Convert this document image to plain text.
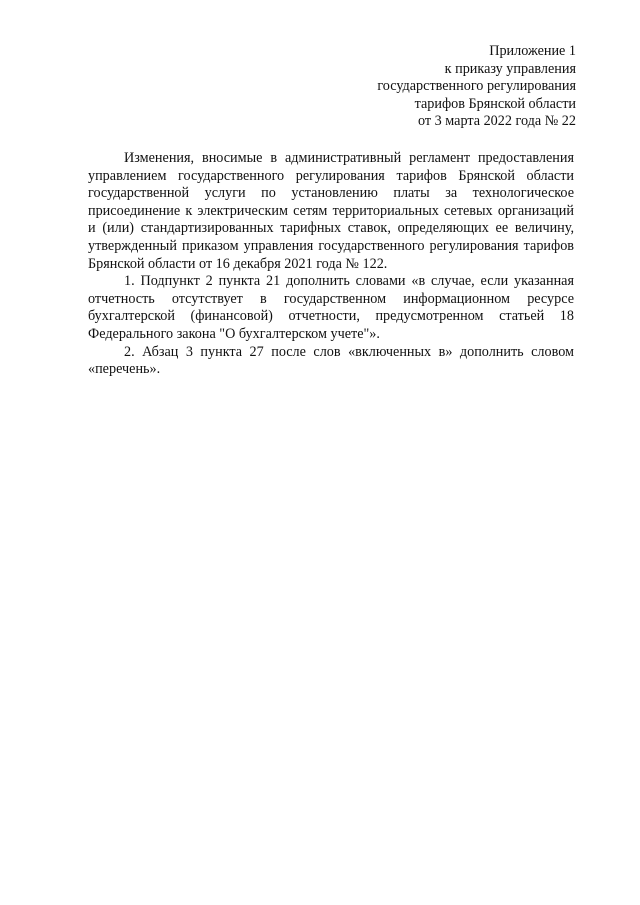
Приложение 1
к приказу управления
государственного регулирования
тарифов Брянской области
от 3 марта 2022 года № 22

Изменения, вносимые в административный регламент предоставления управлением государственного регулирования тарифов Брянской области государственной услуги по установлению платы за технологическое присоединение к электрическим сетям территориальных сетевых организаций и (или) стандартизированных тарифных ставок, определяющих ее величину, утвержденный приказом управления государственного регулирования тарифов Брянской области от 16 декабря 2021 года № 122.

1. Подпункт 2 пункта 21 дополнить словами «в случае, если указанная отчетность отсутствует в государственном информационном ресурсе бухгалтерской (финансовой) отчетности, предусмотренном статьей 18 Федерального закона "О бухгалтерском учете"».

2. Абзац 3 пункта 27 после слов «включенных в» дополнить словом «перечень».
